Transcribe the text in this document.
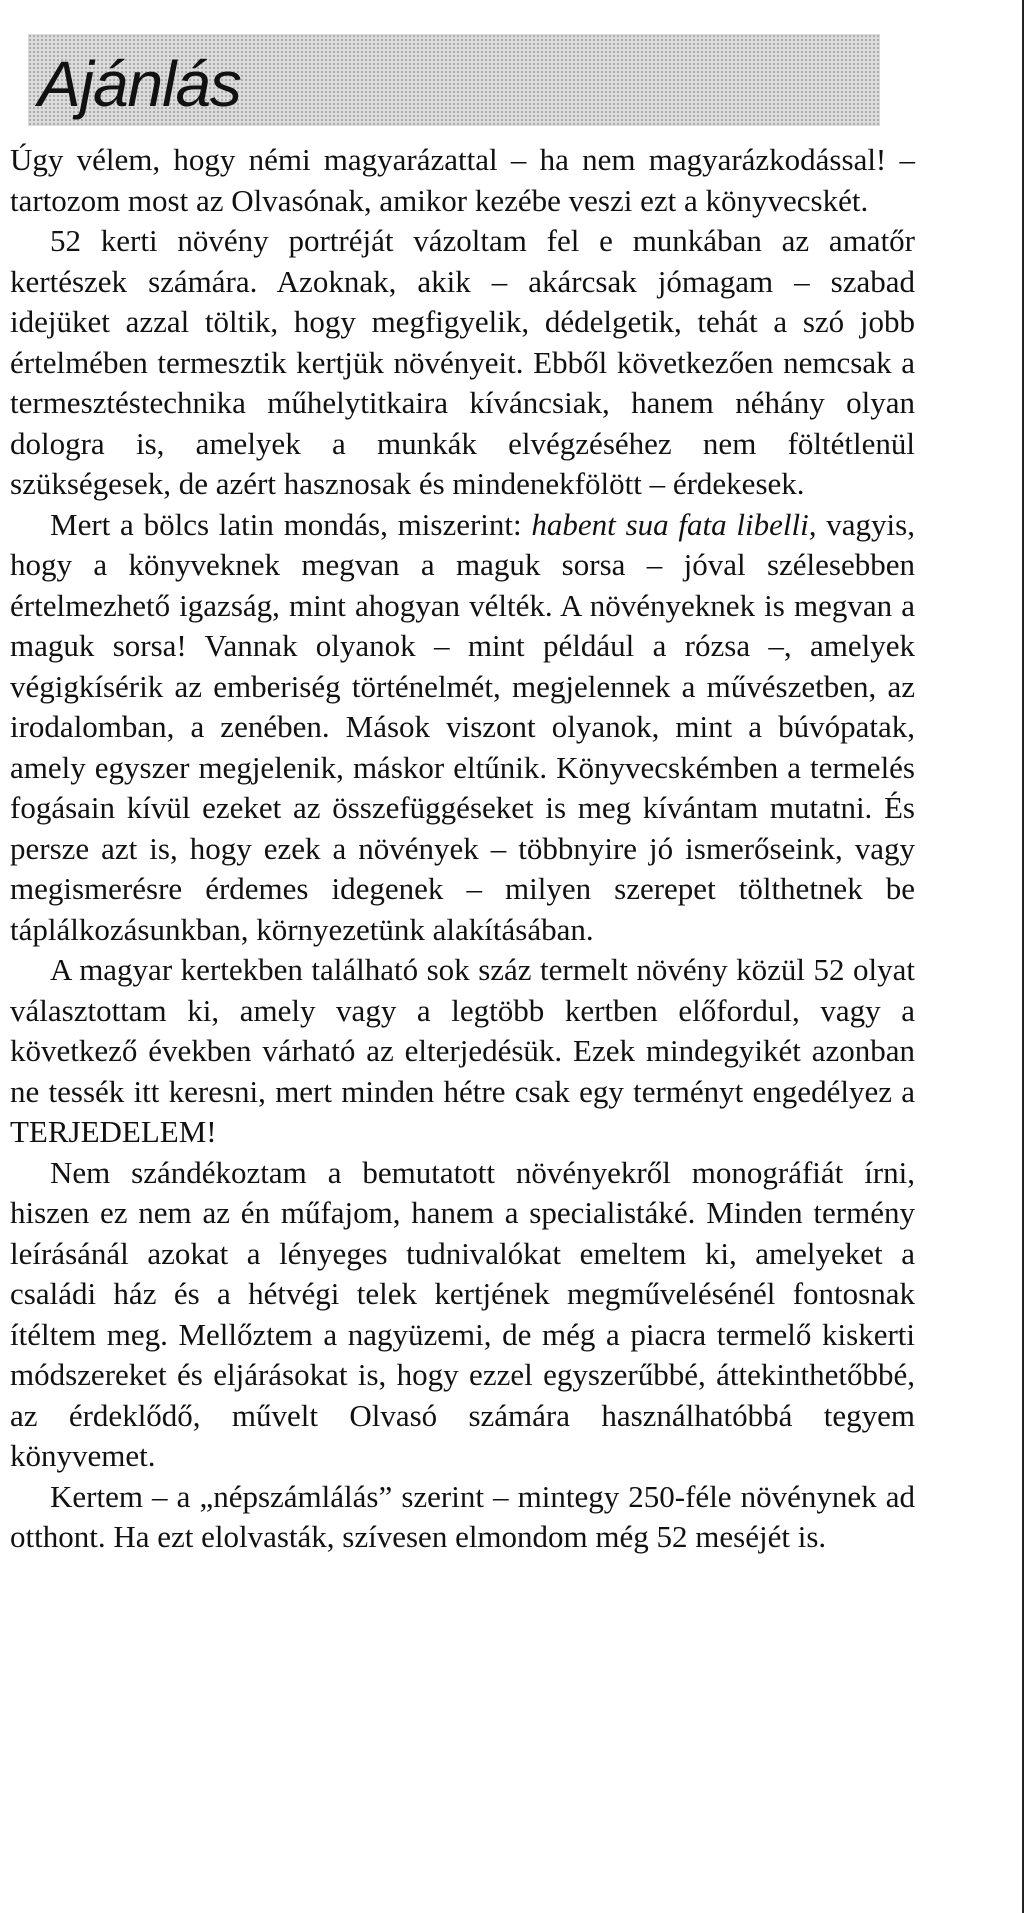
Ajánlás

Úgy vélem, hogy némi magyarázattal – ha nem magyarázkodással! – tartozom most az Olvasónak, amikor kezébe veszi ezt a könyvecskét.

52 kerti növény portréját vázoltam fel e munkában az amatőr kertészek számára. Azoknak, akik – akárcsak jómagam – szabad idejüket azzal töltik, hogy megfigyelik, dédelgetik, tehát a szó jobb értelmében termesztik kertjük növényeit. Ebből következően nemcsak a termesztéstechnika műhelytitkaira kíváncsiak, hanem néhány olyan dologra is, amelyek a munkák elvégzéséhez nem föltétlenül szükségesek, de azért hasznosak és mindenekfölött – érdekesek.

Mert a bölcs latin mondás, miszerint: habent sua fata libelli, vagyis, hogy a könyveknek megvan a maguk sorsa – jóval szélesebben értelmezhető igazság, mint ahogyan vélték. A növényeknek is megvan a maguk sorsa! Vannak olyanok – mint például a rózsa –, amelyek végigkísérik az emberiség történelmét, megjelennek a művészetben, az irodalomban, a zenében. Mások viszont olyanok, mint a búvópatak, amely egyszer megjelenik, máskor eltűnik. Könyvecskémben a termelés fogásain kívül ezeket az összefüggéseket is meg kívántam mutatni. És persze azt is, hogy ezek a növények – többnyire jó ismerőseink, vagy megismerésre érdemes idegenek – milyen szerepet tölthetnek be táplálkozásunkban, környezetünk alakításában.

A magyar kertekben található sok száz termelt növény közül 52 olyat választottam ki, amely vagy a legtöbb kertben előfordul, vagy a következő években várható az elterjedésük. Ezek mindegyikét azonban ne tessék itt keresni, mert minden hétre csak egy terményt engedélyez a TERJEDELEM!

Nem szándékoztam a bemutatott növényekről monográfiát írni, hiszen ez nem az én műfajom, hanem a specialistáké. Minden termény leírásánál azokat a lényeges tudnivalókat emeltem ki, amelyeket a családi ház és a hétvégi telek kertjének megművelésénél fontosnak ítéltem meg. Mellőztem a nagyüzemi, de még a piacra termelő kiskerti módszereket és eljárásokat is, hogy ezzel egyszerűbbé, áttekinthetőbbé, az érdeklődő, művelt Olvasó számára használhatóbbá tegyem könyvemet.

Kertem – a „népszámlálás” szerint – mintegy 250-féle növénynek ad otthont. Ha ezt elolvasták, szívesen elmondom még 52 meséjét is.
